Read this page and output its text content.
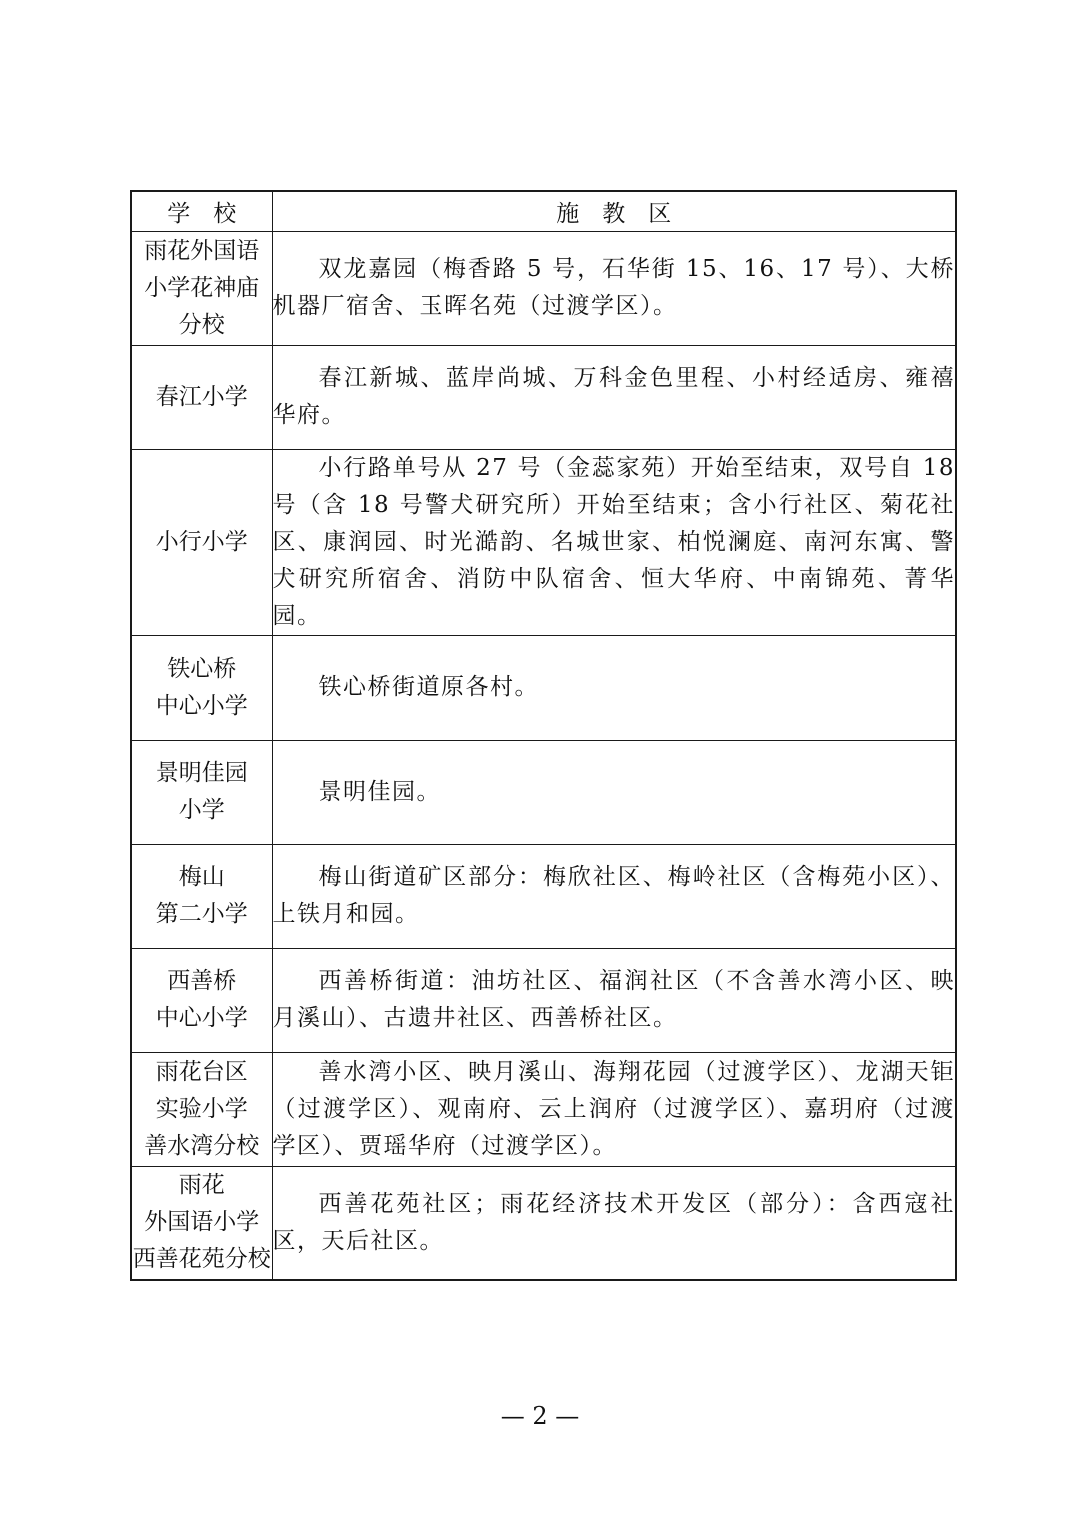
学　校	施　教　区

雨花外国语
小学花神庙
分校	双龙嘉园（梅香路 5 号，石华街 15、16、17 号）、大桥机器厂宿舍、玉晖名苑（过渡学区）。

春江小学	春江新城、蓝岸尚城、万科金色里程、小村经适房、雍禧华府。

小行小学	小行路单号从 27 号（金蕊家苑）开始至结束，双号自 18 号（含 18 号警犬研究所）开始至结束；含小行社区、菊花社区、康润园、时光澔韵、名城世家、柏悦澜庭、南河东寓、警犬研究所宿舍、消防中队宿舍、恒大华府、中南锦苑、菁华园。

铁心桥
中心小学	铁心桥街道原各村。

景明佳园
小学	景明佳园。

梅山
第二小学	梅山街道矿区部分：梅欣社区、梅岭社区（含梅苑小区）、上铁月和园。

西善桥
中心小学	西善桥街道：油坊社区、福润社区（不含善水湾小区、映月溪山）、古遗井社区、西善桥社区。

雨花台区
实验小学
善水湾分校	善水湾小区、映月溪山、海翔花园（过渡学区）、龙湖天钜（过渡学区）、观南府、云上润府（过渡学区）、嘉玥府（过渡学区）、贾瑶华府（过渡学区）。

雨花
外国语小学
西善花苑分校	西善花苑社区；雨花经济技术开发区（部分）：含西寇社区，天后社区。
— 2 —
